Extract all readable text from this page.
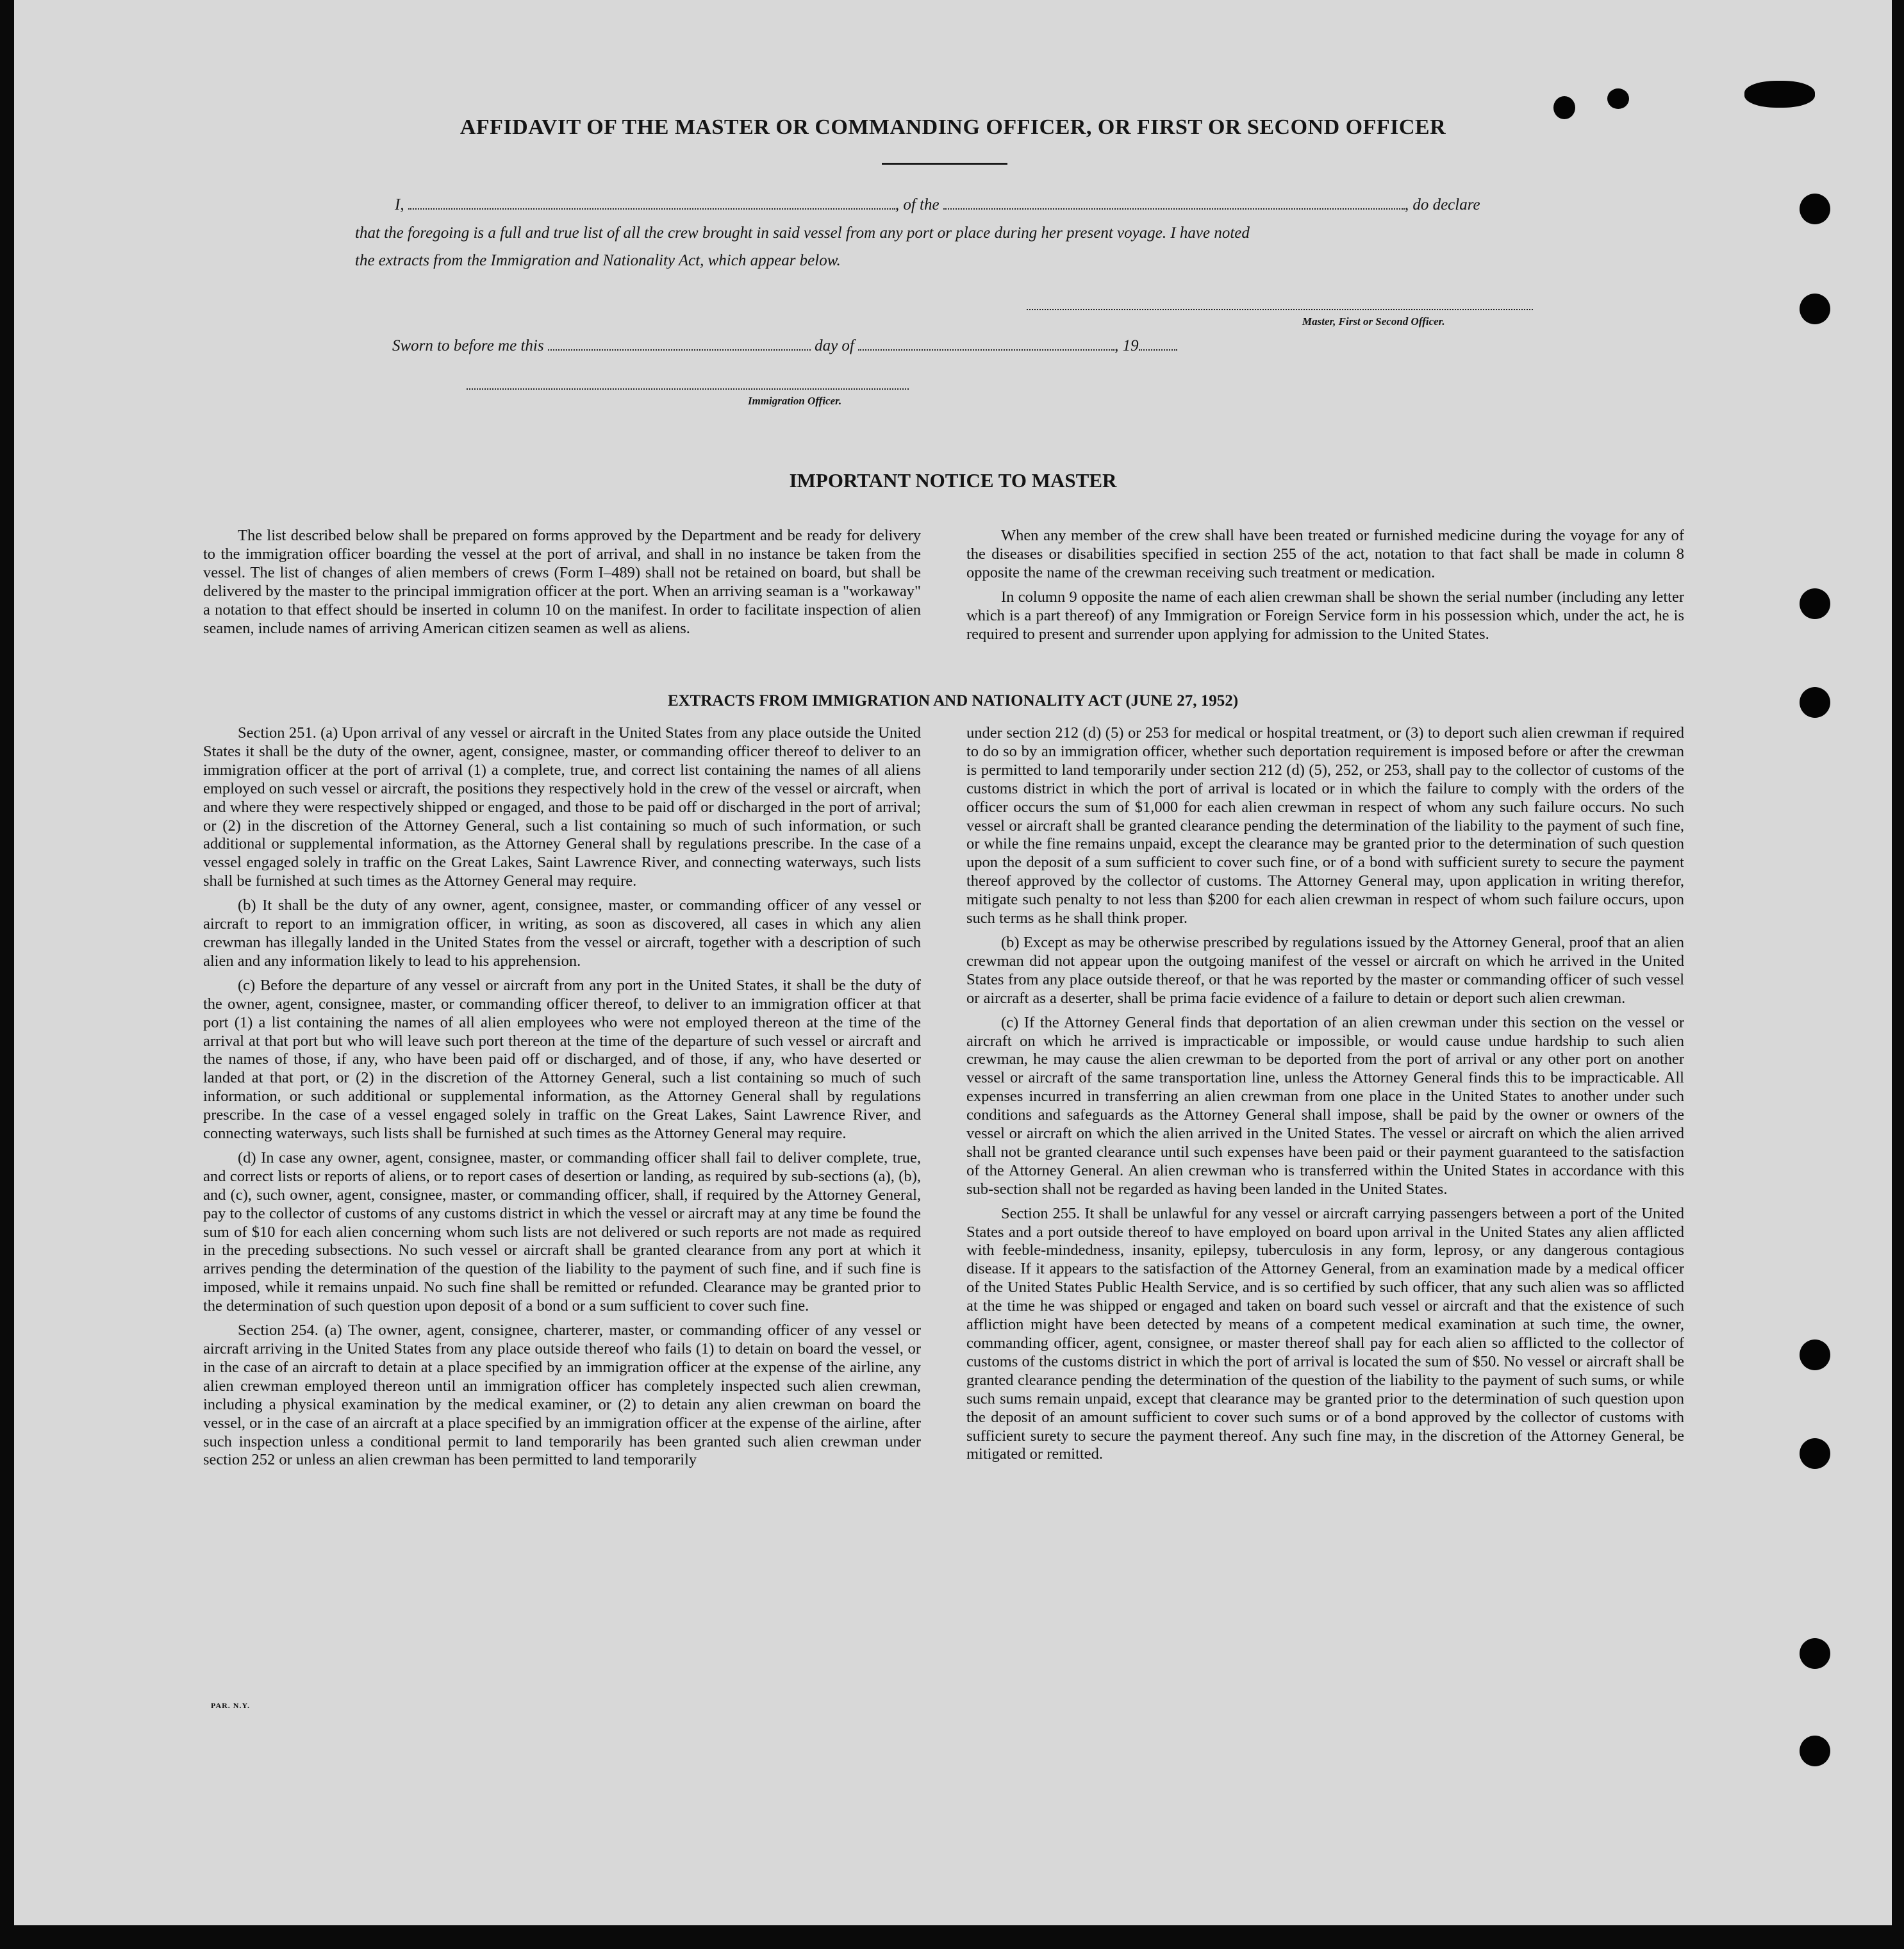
AFFIDAVIT OF THE MASTER OR COMMANDING OFFICER, OR FIRST OR SECOND OFFICER
I,	, of the	, do declare
that the foregoing is a full and true list of all the crew brought in said vessel from any port or place during her present voyage. I have noted
the extracts from the Immigration and Nationality Act, which appear below.
Master, First or Second Officer.
Sworn to before me this	day of	, 19
Immigration Officer.
IMPORTANT NOTICE TO MASTER

The list described below shall be prepared on forms approved by the Department and be ready for delivery to the immigration officer boarding the vessel at the port of arrival, and shall in no instance be taken from the vessel. The list of changes of alien members of crews (Form I–489) shall not be retained on board, but shall be delivered by the master to the principal immigration officer at the port. When an arriving seaman is a "workaway" a notation to that effect should be inserted in column 10 on the manifest. In order to facilitate inspection of alien seamen, include names of arriving American citizen seamen as well as aliens.

When any member of the crew shall have been treated or furnished medicine during the voyage for any of the diseases or disabilities specified in section 255 of the act, notation to that fact shall be made in column 8 opposite the name of the crewman receiving such treatment or medication.

In column 9 opposite the name of each alien crewman shall be shown the serial number (including any letter which is a part thereof) of any Immigration or Foreign Service form in his possession which, under the act, he is required to present and surrender upon applying for admission to the United States.

EXTRACTS FROM IMMIGRATION AND NATIONALITY ACT (JUNE 27, 1952)

Section 251. (a) Upon arrival of any vessel or aircraft in the United States from any place outside the United States it shall be the duty of the owner, agent, consignee, master, or commanding officer thereof to deliver to an immigration officer at the port of arrival (1) a complete, true, and correct list containing the names of all aliens employed on such vessel or aircraft, the positions they respectively hold in the crew of the vessel or aircraft, when and where they were respectively shipped or engaged, and those to be paid off or discharged in the port of arrival; or (2) in the discretion of the Attorney General, such a list containing so much of such information, or such additional or supplemental information, as the Attorney General shall by regulations prescribe. In the case of a vessel engaged solely in traffic on the Great Lakes, Saint Lawrence River, and connecting waterways, such lists shall be furnished at such times as the Attorney General may require.

(b) It shall be the duty of any owner, agent, consignee, master, or commanding officer of any vessel or aircraft to report to an immigration officer, in writing, as soon as discovered, all cases in which any alien crewman has illegally landed in the United States from the vessel or aircraft, together with a description of such alien and any information likely to lead to his apprehension.

(c) Before the departure of any vessel or aircraft from any port in the United States, it shall be the duty of the owner, agent, consignee, master, or commanding officer thereof, to deliver to an immigration officer at that port (1) a list containing the names of all alien employees who were not employed thereon at the time of the arrival at that port but who will leave such port thereon at the time of the departure of such vessel or aircraft and the names of those, if any, who have been paid off or discharged, and of those, if any, who have deserted or landed at that port, or (2) in the discretion of the Attorney General, such a list containing so much of such information, or such additional or supplemental information, as the Attorney General shall by regulations prescribe. In the case of a vessel engaged solely in traffic on the Great Lakes, Saint Lawrence River, and connecting waterways, such lists shall be furnished at such times as the Attorney General may require.

(d) In case any owner, agent, consignee, master, or commanding officer shall fail to deliver complete, true, and correct lists or reports of aliens, or to report cases of desertion or landing, as required by sub-sections (a), (b), and (c), such owner, agent, consignee, master, or commanding officer, shall, if required by the Attorney General, pay to the collector of customs of any customs district in which the vessel or aircraft may at any time be found the sum of $10 for each alien concerning whom such lists are not delivered or such reports are not made as required in the preceding subsections. No such vessel or aircraft shall be granted clearance from any port at which it arrives pending the determination of the question of the liability to the payment of such fine, and if such fine is imposed, while it remains unpaid. No such fine shall be remitted or refunded. Clearance may be granted prior to the determination of such question upon deposit of a bond or a sum sufficient to cover such fine.

Section 254. (a) The owner, agent, consignee, charterer, master, or commanding officer of any vessel or aircraft arriving in the United States from any place outside thereof who fails (1) to detain on board the vessel, or in the case of an aircraft to detain at a place specified by an immigration officer at the expense of the airline, any alien crewman employed thereon until an immigration officer has completely inspected such alien crewman, including a physical examination by the medical examiner, or (2) to detain any alien crewman on board the vessel, or in the case of an aircraft at a place specified by an immigration officer at the expense of the airline, after such inspection unless a conditional permit to land temporarily has been granted such alien crewman under section 252 or unless an alien crewman has been permitted to land temporarily

under section 212 (d) (5) or 253 for medical or hospital treatment, or (3) to deport such alien crewman if required to do so by an immigration officer, whether such deportation requirement is imposed before or after the crewman is permitted to land temporarily under section 212 (d) (5), 252, or 253, shall pay to the collector of customs of the customs district in which the port of arrival is located or in which the failure to comply with the orders of the officer occurs the sum of $1,000 for each alien crewman in respect of whom any such failure occurs. No such vessel or aircraft shall be granted clearance pending the determination of the liability to the payment of such fine, or while the fine remains unpaid, except the clearance may be granted prior to the determination of such question upon the deposit of a sum sufficient to cover such fine, or of a bond with sufficient surety to secure the payment thereof approved by the collector of customs. The Attorney General may, upon application in writing therefor, mitigate such penalty to not less than $200 for each alien crewman in respect of whom such failure occurs, upon such terms as he shall think proper.

(b) Except as may be otherwise prescribed by regulations issued by the Attorney General, proof that an alien crewman did not appear upon the outgoing manifest of the vessel or aircraft on which he arrived in the United States from any place outside thereof, or that he was reported by the master or commanding officer of such vessel or aircraft as a deserter, shall be prima facie evidence of a failure to detain or deport such alien crewman.

(c) If the Attorney General finds that deportation of an alien crewman under this section on the vessel or aircraft on which he arrived is impracticable or impossible, or would cause undue hardship to such alien crewman, he may cause the alien crewman to be deported from the port of arrival or any other port on another vessel or aircraft of the same transportation line, unless the Attorney General finds this to be impracticable. All expenses incurred in transferring an alien crewman from one place in the United States to another under such conditions and safeguards as the Attorney General shall impose, shall be paid by the owner or owners of the vessel or aircraft on which the alien arrived in the United States. The vessel or aircraft on which the alien arrived shall not be granted clearance until such expenses have been paid or their payment guaranteed to the satisfaction of the Attorney General. An alien crewman who is transferred within the United States in accordance with this sub-section shall not be regarded as having been landed in the United States.

Section 255. It shall be unlawful for any vessel or aircraft carrying passengers between a port of the United States and a port outside thereof to have employed on board upon arrival in the United States any alien afflicted with feeble-mindedness, insanity, epilepsy, tuberculosis in any form, leprosy, or any dangerous contagious disease. If it appears to the satisfaction of the Attorney General, from an examination made by a medical officer of the United States Public Health Service, and is so certified by such officer, that any such alien was so afflicted at the time he was shipped or engaged and taken on board such vessel or aircraft and that the existence of such affliction might have been detected by means of a competent medical examination at such time, the owner, commanding officer, agent, consignee, or master thereof shall pay for each alien so afflicted to the collector of customs of the customs district in which the port of arrival is located the sum of $50. No vessel or aircraft shall be granted clearance pending the determination of the question of the liability to the payment of such sums, or while such sums remain unpaid, except that clearance may be granted prior to the determination of such question upon the deposit of an amount sufficient to cover such sums or of a bond approved by the collector of customs with sufficient surety to secure the payment thereof. Any such fine may, in the discretion of the Attorney General, be mitigated or remitted.

PAR. N.Y.
